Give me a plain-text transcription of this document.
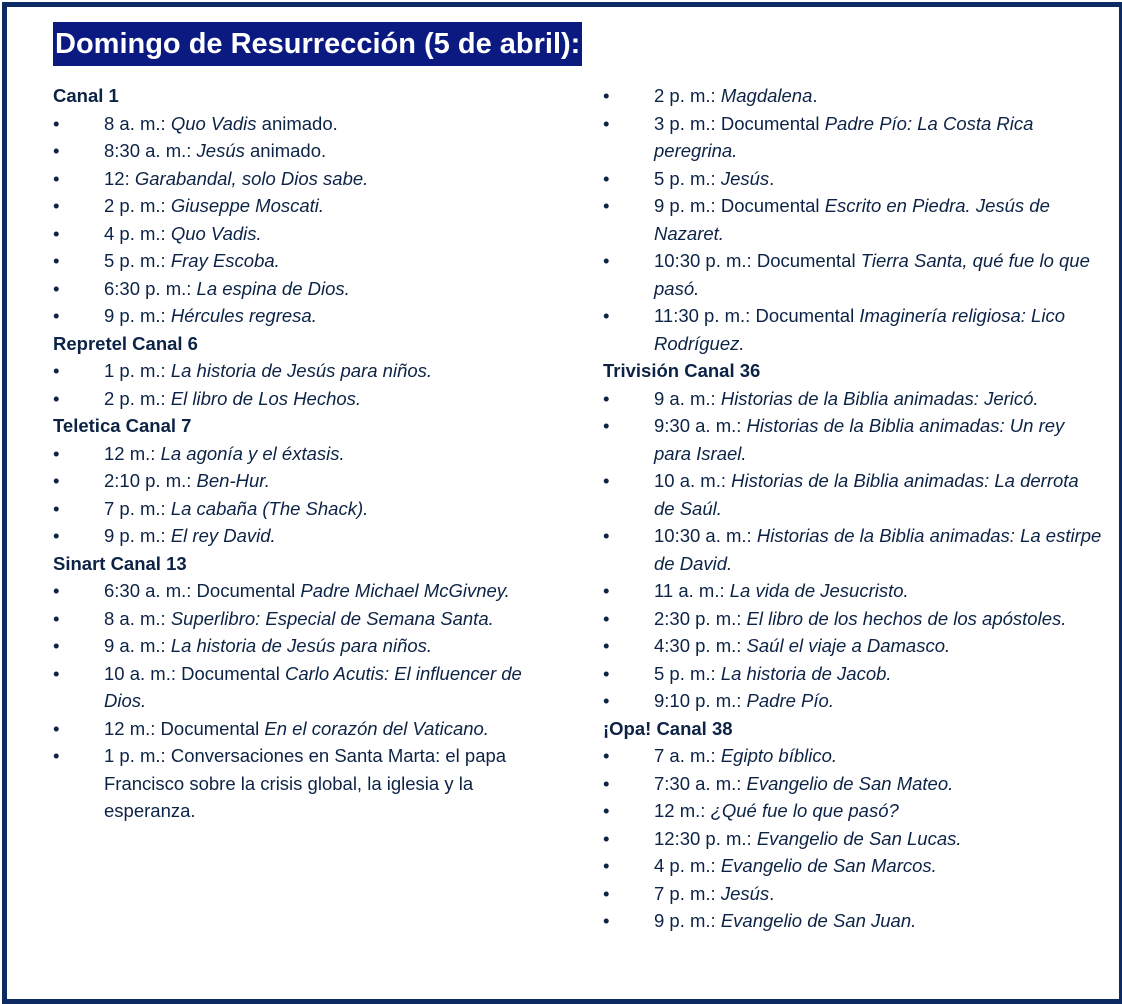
Domingo de Resurrección (5 de abril):
Canal 1
•	8 a. m.: Quo Vadis animado.
•	8:30 a. m.: Jesús animado.
•	12: Garabandal, solo Dios sabe.
•	2 p. m.: Giuseppe Moscati.
•	4 p. m.: Quo Vadis.
•	5 p. m.: Fray Escoba.
•	6:30 p. m.: La espina de Dios.
•	9 p. m.: Hércules regresa.
Repretel Canal 6
•	1 p. m.: La historia de Jesús para niños.
•	2 p. m.: El libro de Los Hechos.
Teletica Canal 7
•	12 m.: La agonía y el éxtasis.
•	2:10 p. m.: Ben-Hur.
•	7 p. m.: La cabaña (The Shack).
•	9 p. m.: El rey David.
Sinart Canal 13
•	6:30 a. m.: Documental Padre Michael McGivney.
•	8 a. m.: Superlibro: Especial de Semana Santa.
•	9 a. m.: La historia de Jesús para niños.
•	10 a. m.: Documental Carlo Acutis: El influencer de Dios.
•	12 m.: Documental En el corazón del Vaticano.
•	1 p. m.: Conversaciones en Santa Marta: el papa Francisco sobre la crisis global, la iglesia y la esperanza.
•	2 p. m.: Magdalena.
•	3 p. m.: Documental Padre Pío: La Costa Rica peregrina.
•	5 p. m.: Jesús.
•	9 p. m.: Documental Escrito en Piedra. Jesús de Nazaret.
•	10:30 p. m.: Documental Tierra Santa, qué fue lo que pasó.
•	11:30 p. m.: Documental Imaginería religiosa: Lico Rodríguez.
Trivisión Canal 36
•	9 a. m.: Historias de la Biblia animadas: Jericó.
•	9:30 a. m.: Historias de la Biblia animadas: Un rey para Israel.
•	10 a. m.: Historias de la Biblia animadas: La derrota de Saúl.
•	10:30 a. m.: Historias de la Biblia animadas: La estirpe de David.
•	11 a. m.: La vida de Jesucristo.
•	2:30 p. m.: El libro de los hechos de los apóstoles.
•	4:30 p. m.: Saúl el viaje a Damasco.
•	5 p. m.: La historia de Jacob.
•	9:10 p. m.: Padre Pío.
¡Opa! Canal 38
•	7 a. m.: Egipto bíblico.
•	7:30 a. m.: Evangelio de San Mateo.
•	12 m.: ¿Qué fue lo que pasó?
•	12:30 p. m.: Evangelio de San Lucas.
•	4 p. m.: Evangelio de San Marcos.
•	7 p. m.: Jesús.
•	9 p. m.: Evangelio de San Juan.
